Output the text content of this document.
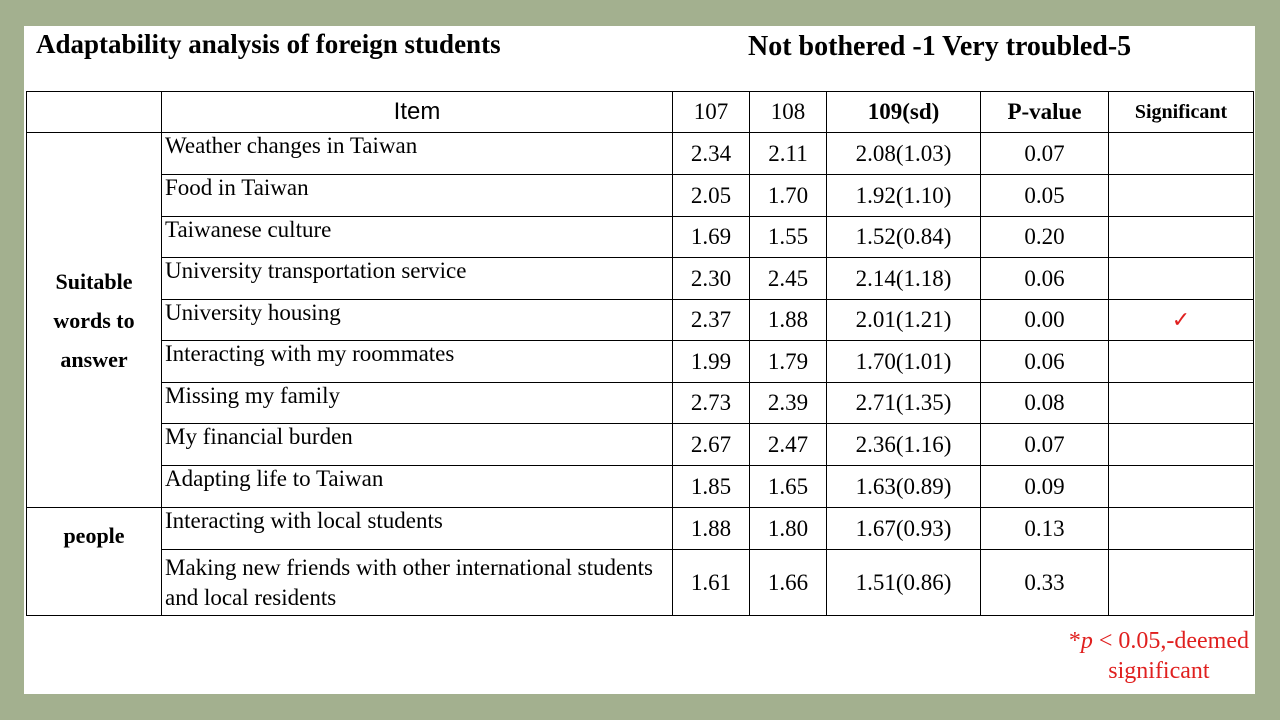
Adaptability analysis of foreign students	Not bothered -1 Very troubled-5
	Item	107	108	109(sd)	P-value	Significant
Suitable words to answer	Weather changes in Taiwan	2.34	2.11	2.08(1.03)	0.07	
	Food in Taiwan	2.05	1.70	1.92(1.10)	0.05	
	Taiwanese culture	1.69	1.55	1.52(0.84)	0.20	
	University transportation service	2.30	2.45	2.14(1.18)	0.06	
	University housing	2.37	1.88	2.01(1.21)	0.00	✓
	Interacting with my roommates	1.99	1.79	1.70(1.01)	0.06	
	Missing my family	2.73	2.39	2.71(1.35)	0.08	
	My financial burden	2.67	2.47	2.36(1.16)	0.07	
	Adapting life to Taiwan	1.85	1.65	1.63(0.89)	0.09	
people	Interacting with local students	1.88	1.80	1.67(0.93)	0.13	
	Making new friends with other international students and local residents	1.61	1.66	1.51(0.86)	0.33	
*p < 0.05,-deemed
significant
